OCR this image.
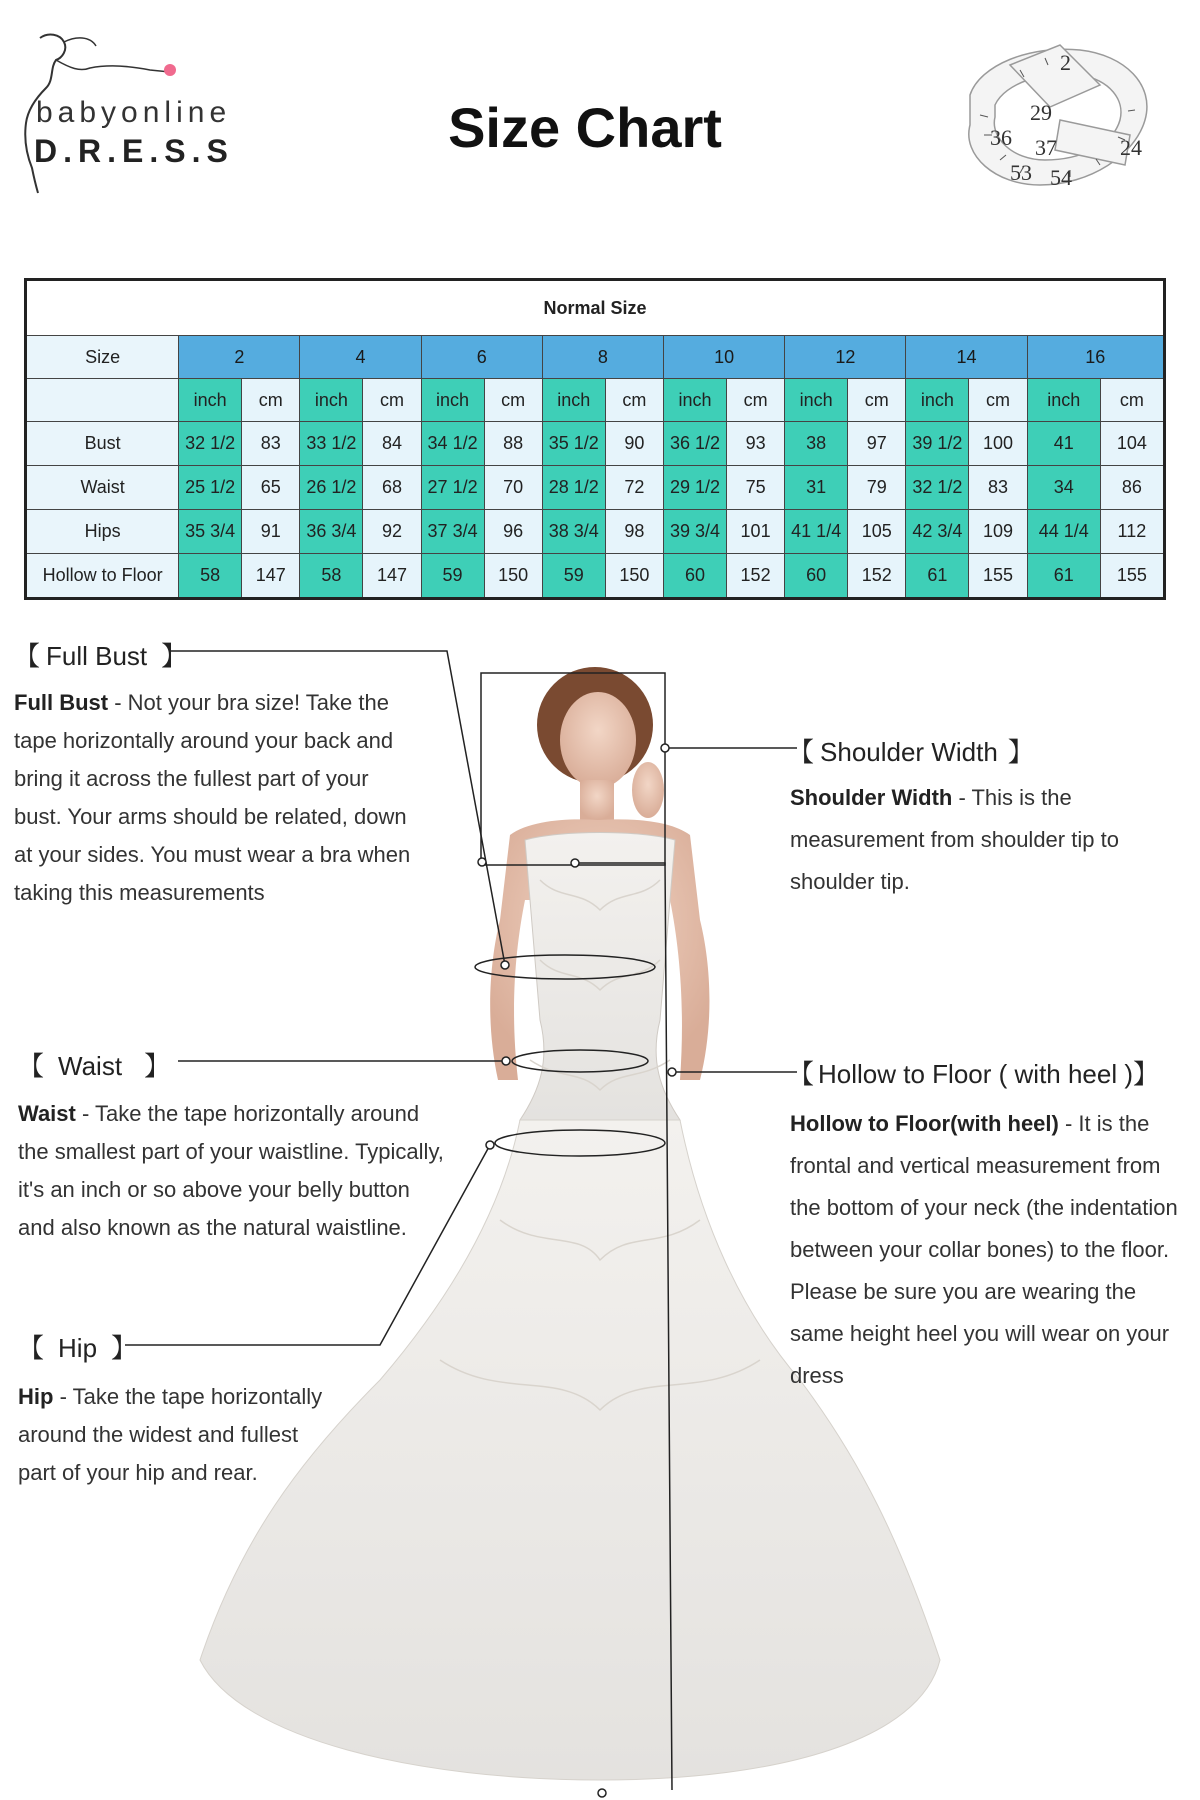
babyonline
D.R.E.S.S	Size Chart	29
36 37
2
53 54
24
Normal Size																
Size	2		4		6		8		10		12		14		16	
	inch	cm	inch	cm	inch	cm	inch	cm	inch	cm	inch	cm	inch	cm	inch	cm
Bust	32 1/2	83	33 1/2	84	34 1/2	88	35 1/2	90	36 1/2	93	38	97	39 1/2	100	41	104
Waist	25 1/2	65	26 1/2	68	27 1/2	70	28 1/2	72	29 1/2	75	31	79	32 1/2	83	34	86
Hips	35 3/4	91	36 3/4	92	37 3/4	96	38 3/4	98	39 3/4	101	41 1/4	105	42 3/4	109	44 1/4	112
Hollow to Floor	58	147	58	147	59	150	59	150	60	152	60	152	61	155	61	155
【 Full Bust 】
Full Bust - Not your bra size! Take the tape horizontally around your back and bring it across the fullest part of your bust. Your arms should be related, down at your sides. You must wear a bra when taking this measurements
【 Waist 】
Waist - Take the tape horizontally around the smallest part of your waistline. Typically, it's an inch or so above your belly button and also known as the natural waistline.
【 Hip 】
Hip - Take the tape horizontally around the widest and fullest part of your hip and rear.
【 Shoulder Width 】
Shoulder Width - This is the measurement from shoulder tip to shoulder tip.
【 Hollow to Floor ( with heel )】
Hollow to Floor(with heel) - It is the frontal and vertical measurement from the bottom of your neck (the indentation between your collar bones) to the floor. Please be sure you are wearing the same height heel you will wear on your dress
